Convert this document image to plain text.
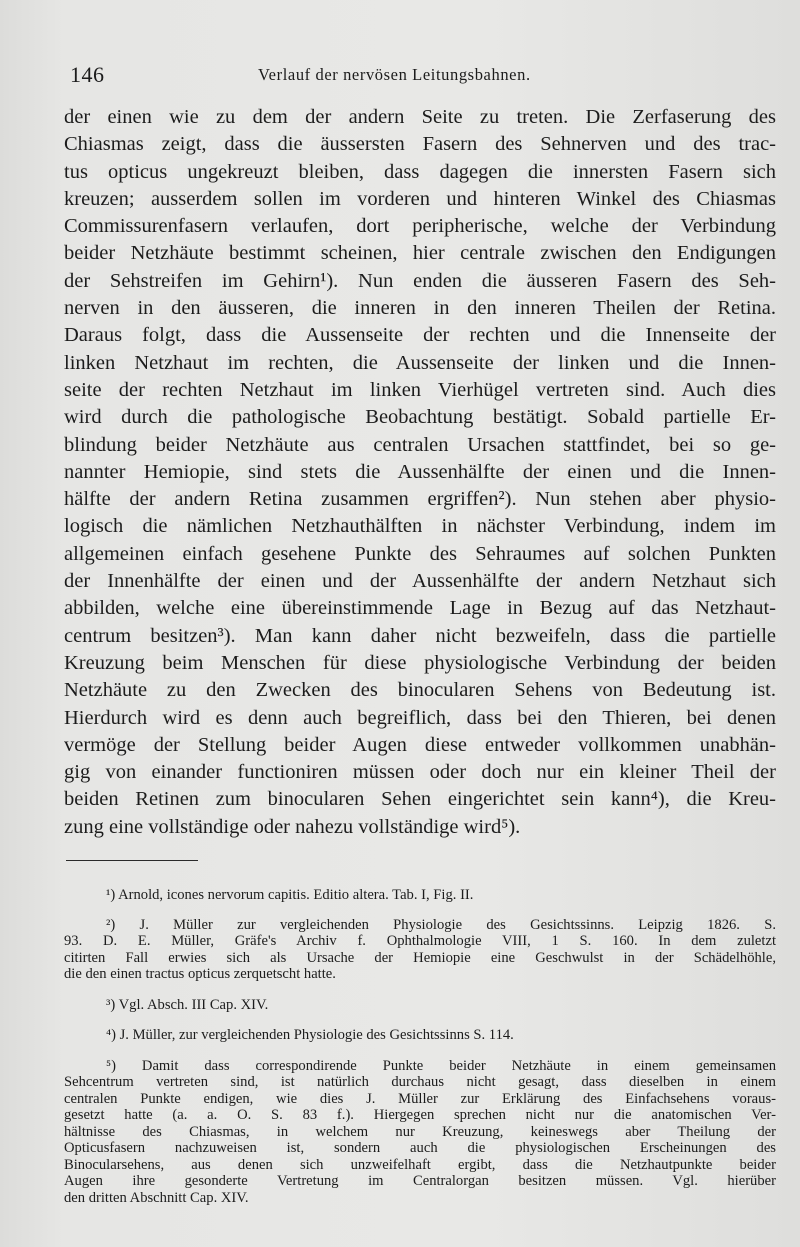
146	Verlauf der nervösen Leitungsbahnen.
der einen wie zu dem der andern Seite zu treten. Die Zerfaserung des
Chiasmas zeigt, dass die äussersten Fasern des Sehnerven und des trac-
tus opticus ungekreuzt bleiben, dass dagegen die innersten Fasern sich
kreuzen; ausserdem sollen im vorderen und hinteren Winkel des Chiasmas
Commissurenfasern verlaufen, dort peripherische, welche der Verbindung
beider Netzhäute bestimmt scheinen, hier centrale zwischen den Endigungen
der Sehstreifen im Gehirn¹). Nun enden die äusseren Fasern des Seh-
nerven in den äusseren, die inneren in den inneren Theilen der Retina.
Daraus folgt, dass die Aussenseite der rechten und die Innenseite der
linken Netzhaut im rechten, die Aussenseite der linken und die Innen-
seite der rechten Netzhaut im linken Vierhügel vertreten sind. Auch dies
wird durch die pathologische Beobachtung bestätigt. Sobald partielle Er-
blindung beider Netzhäute aus centralen Ursachen stattfindet, bei so ge-
nannter Hemiopie, sind stets die Aussenhälfte der einen und die Innen-
hälfte der andern Retina zusammen ergriffen²). Nun stehen aber physio-
logisch die nämlichen Netzhauthälften in nächster Verbindung, indem im
allgemeinen einfach gesehene Punkte des Sehraumes auf solchen Punkten
der Innenhälfte der einen und der Aussenhälfte der andern Netzhaut sich
abbilden, welche eine übereinstimmende Lage in Bezug auf das Netzhaut-
centrum besitzen³). Man kann daher nicht bezweifeln, dass die partielle
Kreuzung beim Menschen für diese physiologische Verbindung der beiden
Netzhäute zu den Zwecken des binocularen Sehens von Bedeutung ist.
Hierdurch wird es denn auch begreiflich, dass bei den Thieren, bei denen
vermöge der Stellung beider Augen diese entweder vollkommen unabhän-
gig von einander functioniren müssen oder doch nur ein kleiner Theil der
beiden Retinen zum binocularen Sehen eingerichtet sein kann⁴), die Kreu-
zung eine vollständige oder nahezu vollständige wird⁵).
¹) Arnold, icones nervorum capitis. Editio altera. Tab. I, Fig. II.
²) J. Müller zur vergleichenden Physiologie des Gesichtssinns. Leipzig 1826. S.
93. D. E. Müller, Gräfe's Archiv f. Ophthalmologie VIII, 1 S. 160. In dem zuletzt
citirten Fall erwies sich als Ursache der Hemiopie eine Geschwulst in der Schädelhöhle,
die den einen tractus opticus zerquetscht hatte.
³) Vgl. Absch. III Cap. XIV.
⁴) J. Müller, zur vergleichenden Physiologie des Gesichtssinns S. 114.
⁵) Damit dass correspondirende Punkte beider Netzhäute in einem gemeinsamen
Sehcentrum vertreten sind, ist natürlich durchaus nicht gesagt, dass dieselben in einem
centralen Punkte endigen, wie dies J. Müller zur Erklärung des Einfachsehens voraus-
gesetzt hatte (a. a. O. S. 83 f.). Hiergegen sprechen nicht nur die anatomischen Ver-
hältnisse des Chiasmas, in welchem nur Kreuzung, keineswegs aber Theilung der
Opticusfasern nachzuweisen ist, sondern auch die physiologischen Erscheinungen des
Binocularsehens, aus denen sich unzweifelhaft ergibt, dass die Netzhautpunkte beider
Augen ihre gesonderte Vertretung im Centralorgan besitzen müssen. Vgl. hierüber
den dritten Abschnitt Cap. XIV.
